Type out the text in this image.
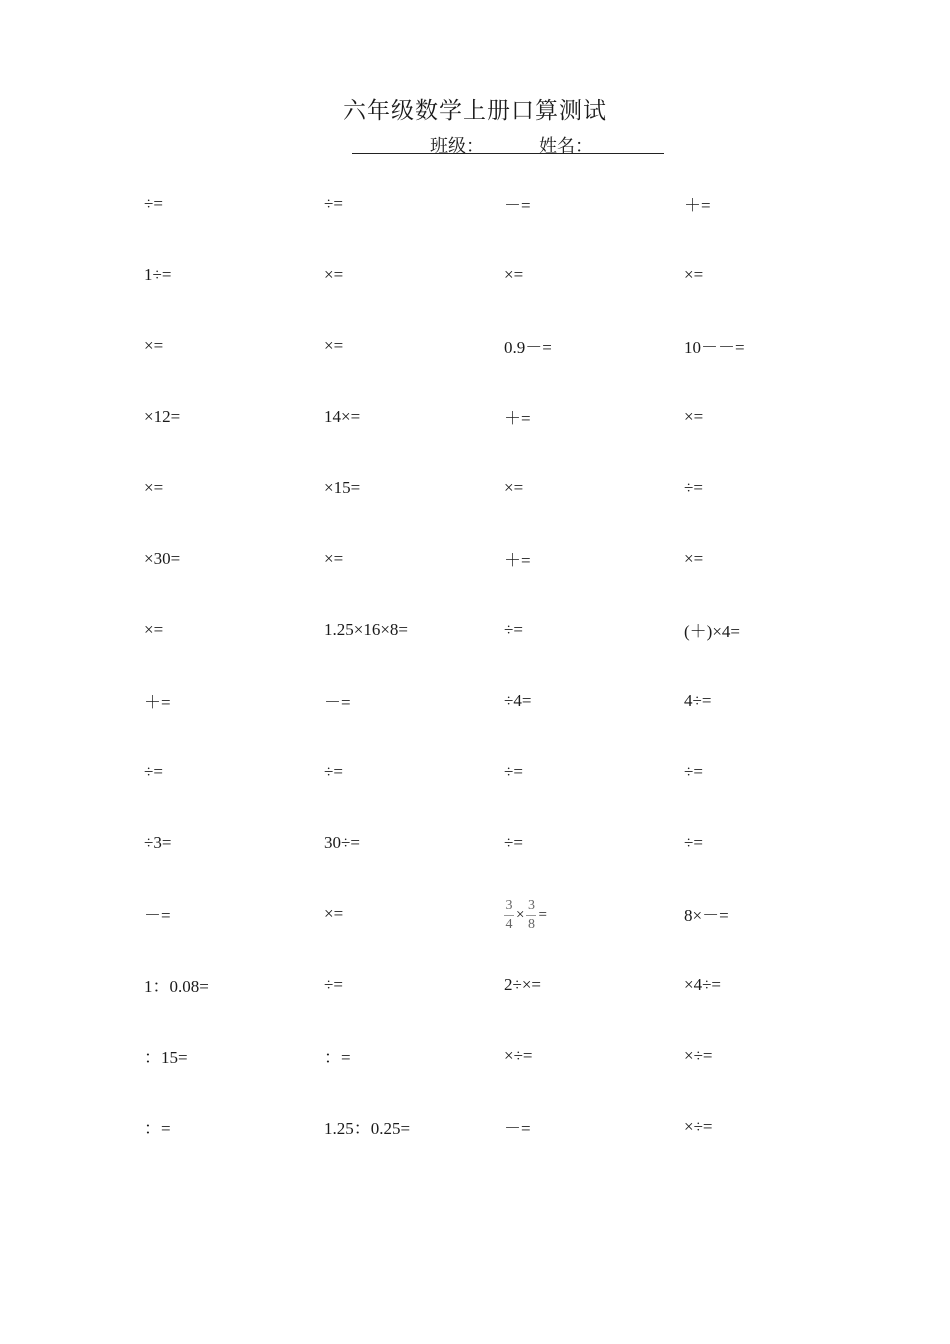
六年级数学上册口算测试
班级：	姓名：
÷=	÷=	－=	＋=
1÷=	×=	×=	×=
×=	×=	0.9－=	10－－=
×12=	14×=	＋=	×=
×=	×15=	×=	÷=
×30=	×=	＋=	×=
×=	1.25×16×8=	÷=	(＋)×4=
＋=	－=	÷4=	4÷=
÷=	÷=	÷=	÷=
÷3=	30÷=	÷=	÷=
－=	×=	$\frac{3}{4} \times \frac{3}{8}$ =	8×－=
1：0.08=	÷=	2÷×=	×4÷=
：15=	：=	×÷=	×÷=
：=	1.25：0.25=	－=	×÷=
